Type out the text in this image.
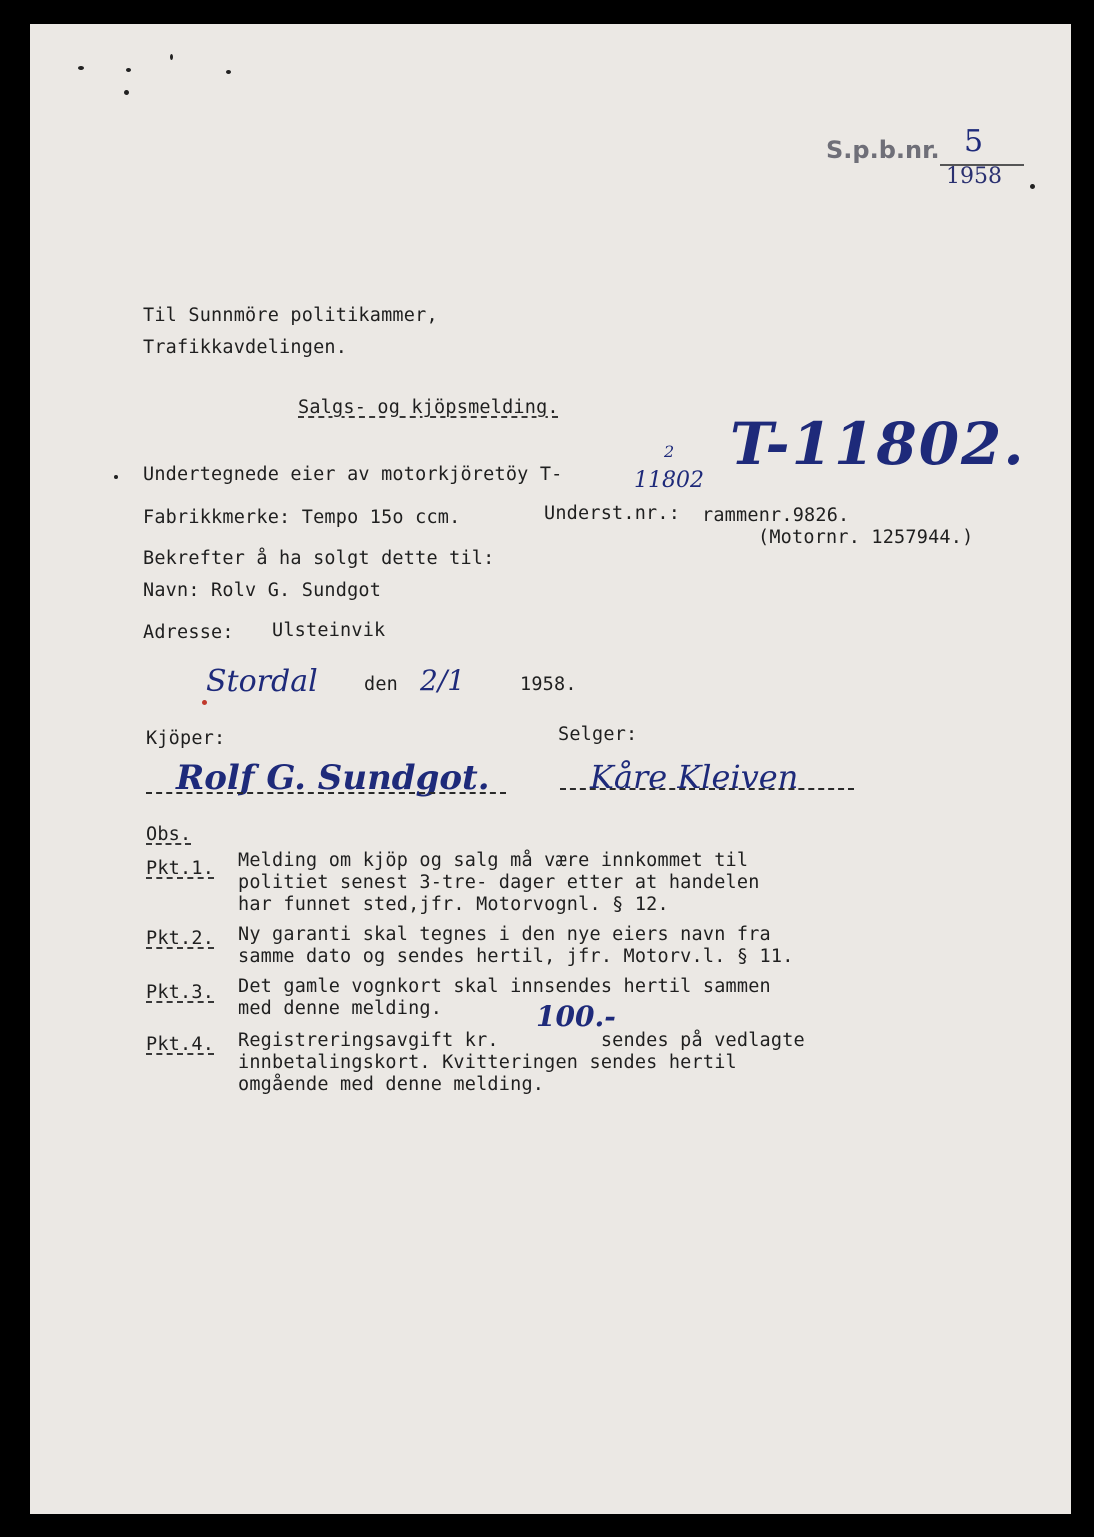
S.p.b.nr. 5
1958
Til Sunnmöre politikammer,
Trafikkavdelingen.
Salgs- og kjöpsmelding.
Undertegnede eier av motorkjöretöy T-	11802
2 T-11802.
Fabrikkmerke: Tempo 15o ccm.	Underst.nr.: rammenr.9826.
(Motornr. 1257944.)
Bekrefter å ha solgt dette til:
Navn: Rolv G. Sundgot
Adresse: Ulsteinvik
Stordal	den 2/1	1958.
Kjöper:	Selger:
Rolf G. Sundgot.	Kåre Kleiven
Obs.
Pkt.1. Melding om kjöp og salg må være innkommet til
politiet senest 3-tre- dager etter at handelen
har funnet sted,jfr. Motorvognl. § 12.
Pkt.2. Ny garanti skal tegnes i den nye eiers navn fra
samme dato og sendes hertil, jfr. Motorv.l. § 11.
Pkt.3. Det gamle vognkort skal innsendes hertil sammen
med denne melding.
Pkt.4. Registreringsavgift kr.         sendes på vedlagte
innbetalingskort. Kvitteringen sendes hertil
omgående med denne melding.
100.-
